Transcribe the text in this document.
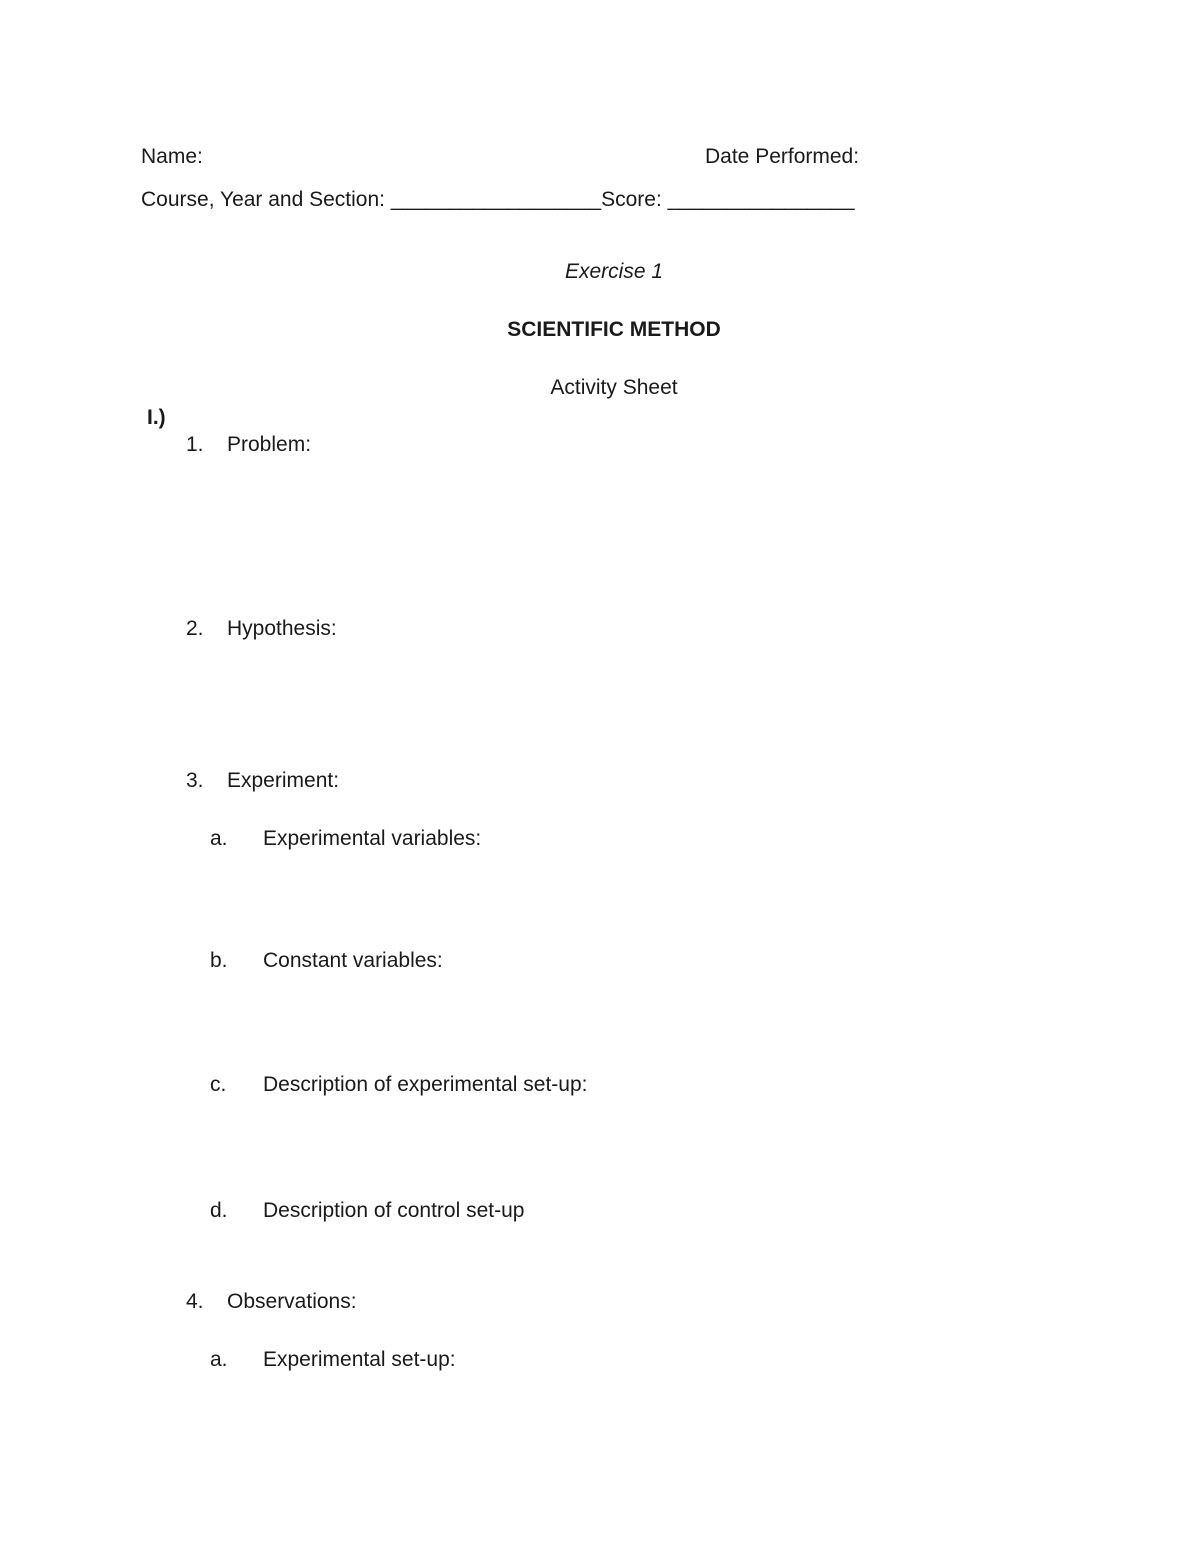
Name:	Date Performed:
Course, Year and Section: __________________Score: ________________
Exercise 1
SCIENTIFIC METHOD
Activity Sheet
I.)
1.	Problem:
2.	Hypothesis:
3.	Experiment:
a. Experimental variables:
b. Constant variables:
c. Description of experimental set-up:
d. Description of control set-up
4.	Observations:
a. Experimental set-up:
